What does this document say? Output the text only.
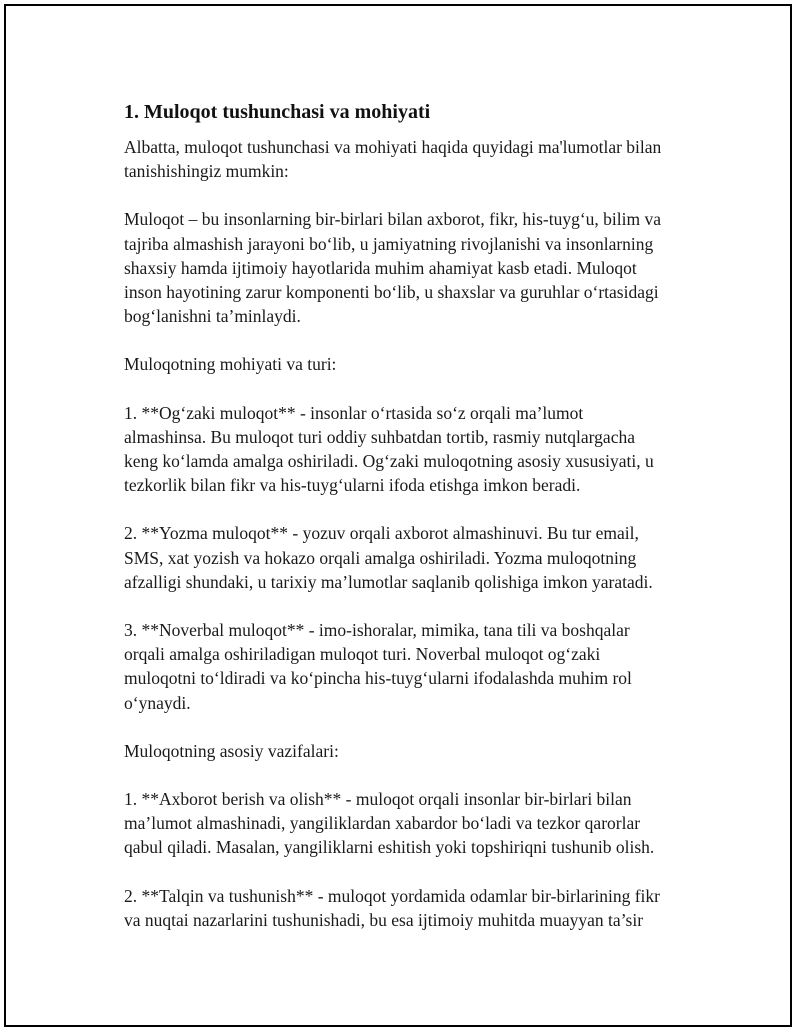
1. Muloqot tushunchasi va mohiyati

Albatta, muloqot tushunchasi va mohiyati haqida quyidagi ma'lumotlar bilan
tanishishingiz mumkin:

Muloqot – bu insonlarning bir-birlari bilan axborot, fikr, his-tuyg‘u, bilim va
tajriba almashish jarayoni bo‘lib, u jamiyatning rivojlanishi va insonlarning
shaxsiy hamda ijtimoiy hayotlarida muhim ahamiyat kasb etadi. Muloqot
inson hayotining zarur komponenti bo‘lib, u shaxslar va guruhlar o‘rtasidagi
bog‘lanishni ta’minlaydi.

Muloqotning mohiyati va turi:

1. **Og‘zaki muloqot** - insonlar o‘rtasida so‘z orqali ma’lumot
almashinsa. Bu muloqot turi oddiy suhbatdan tortib, rasmiy nutqlargacha
keng ko‘lamda amalga oshiriladi. Og‘zaki muloqotning asosiy xususiyati, u
tezkorlik bilan fikr va his-tuyg‘ularni ifoda etishga imkon beradi.

2. **Yozma muloqot** - yozuv orqali axborot almashinuvi. Bu tur email,
SMS, xat yozish va hokazo orqali amalga oshiriladi. Yozma muloqotning
afzalligi shundaki, u tarixiy ma’lumotlar saqlanib qolishiga imkon yaratadi.

3. **Noverbal muloqot** - imo-ishoralar, mimika, tana tili va boshqalar
orqali amalga oshiriladigan muloqot turi. Noverbal muloqot og‘zaki
muloqotni to‘ldiradi va ko‘pincha his-tuyg‘ularni ifodalashda muhim rol
o‘ynaydi.

Muloqotning asosiy vazifalari:

1. **Axborot berish va olish** - muloqot orqali insonlar bir-birlari bilan
ma’lumot almashinadi, yangiliklardan xabardor bo‘ladi va tezkor qarorlar
qabul qiladi. Masalan, yangiliklarni eshitish yoki topshiriqni tushunib olish.

2. **Talqin va tushunish** - muloqot yordamida odamlar bir-birlarining fikr
va nuqtai nazarlarini tushunishadi, bu esa ijtimoiy muhitda muayyan ta’sir
